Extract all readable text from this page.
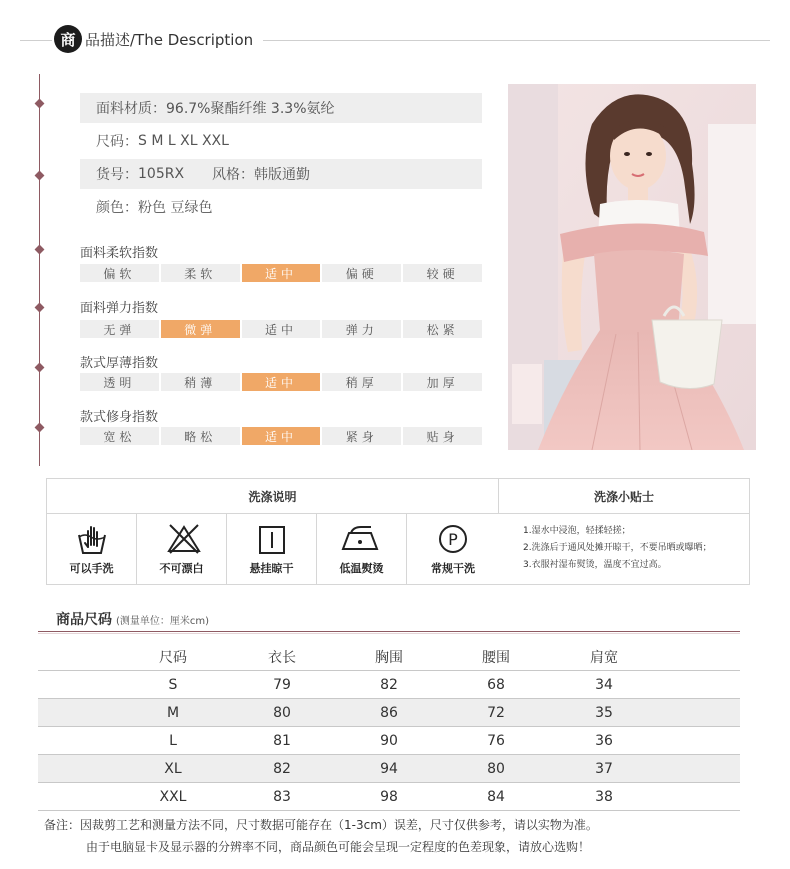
商 品描述/The Description
面料材质： 96.7%聚酯纤维 3.3%氨纶
尺码： S M L XL XXL
货号： 105RX 风格： 韩版通勤
颜色： 粉色 豆绿色
面料柔软指数
偏软	柔软	适中	偏硬	较硬
面料弹力指数
无弹	微弹	适中	弹力	松紧
款式厚薄指数
透明	稍薄	适中	稍厚	加厚
款式修身指数
宽松	略松	适中	紧身	贴身
洗涤说明	洗涤小贴士
可以手洗	不可漂白	悬挂晾干	低温熨烫
P
常规干洗
1.湿水中浸泡，轻揉轻搓；
2.洗涤后于通风处摊开晾干，不要吊晒或曝晒；
3.衣服衬湿布熨烫，温度不宜过高。
商品尺码 (测量单位：厘米cm)
尺码	衣长	胸围	腰围	肩宽
S	79	82	68	34
M	80	86	72	35
L	81	90	76	36
XL	82	94	80	37
XXL	83	98	84	38
备注：因裁剪工艺和测量方法不同，尺寸数据可能存在（1-3cm）误差，尺寸仅供参考，请以实物为准。
由于电脑显卡及显示器的分辨率不同，商品颜色可能会呈现一定程度的色差现象，请放心选购！
